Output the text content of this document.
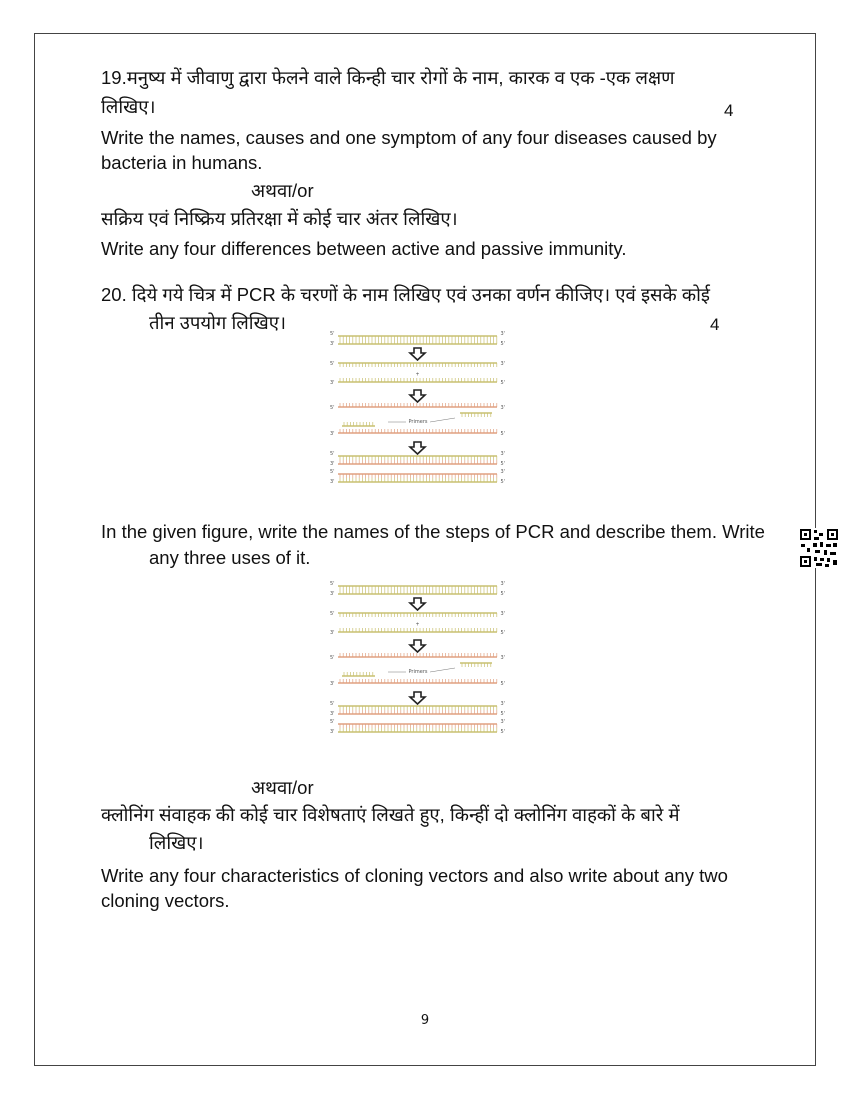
19.मनुष्य में जीवाणु द्वारा फेलने वाले किन्ही चार रोगों के नाम, कारक व एक -एक लक्षण
लिखिए।	4
Write the names, causes and one symptom of any four diseases caused by
bacteria in humans.
अथवा/or
सक्रिय एवं निष्क्रिय प्रतिरक्षा में कोई चार अंतर लिखिए।
Write any four differences between active and passive immunity.
20. दिये गये चित्र में PCR के चरणों के नाम लिखिए एवं उनका वर्णन कीजिए। एवं इसके कोई
तीन उपयोग लिखिए।	4
5'	3'
3'	5'
5'	3'
+
3'	5'
5'	3'
Primers
3'	5'
5'	3'
3'	5'
5'	3'
3'	5'
In the given figure, write the names of the steps of PCR and describe them. Write
any three uses of it.
5'	3'
3'	5'
5'	3'
+
3'	5'
5'	3'
Primers
3'	5'
5'	3'
3'	5'
5'	3'
3'	5'
अथवा/or
क्लोनिंग संवाहक की कोई चार विशेषताएं लिखते हुए, किन्हीं दो क्लोनिंग वाहकों के बारे में
लिखिए।
Write any four characteristics of cloning vectors and also write about any two
cloning vectors.
9
